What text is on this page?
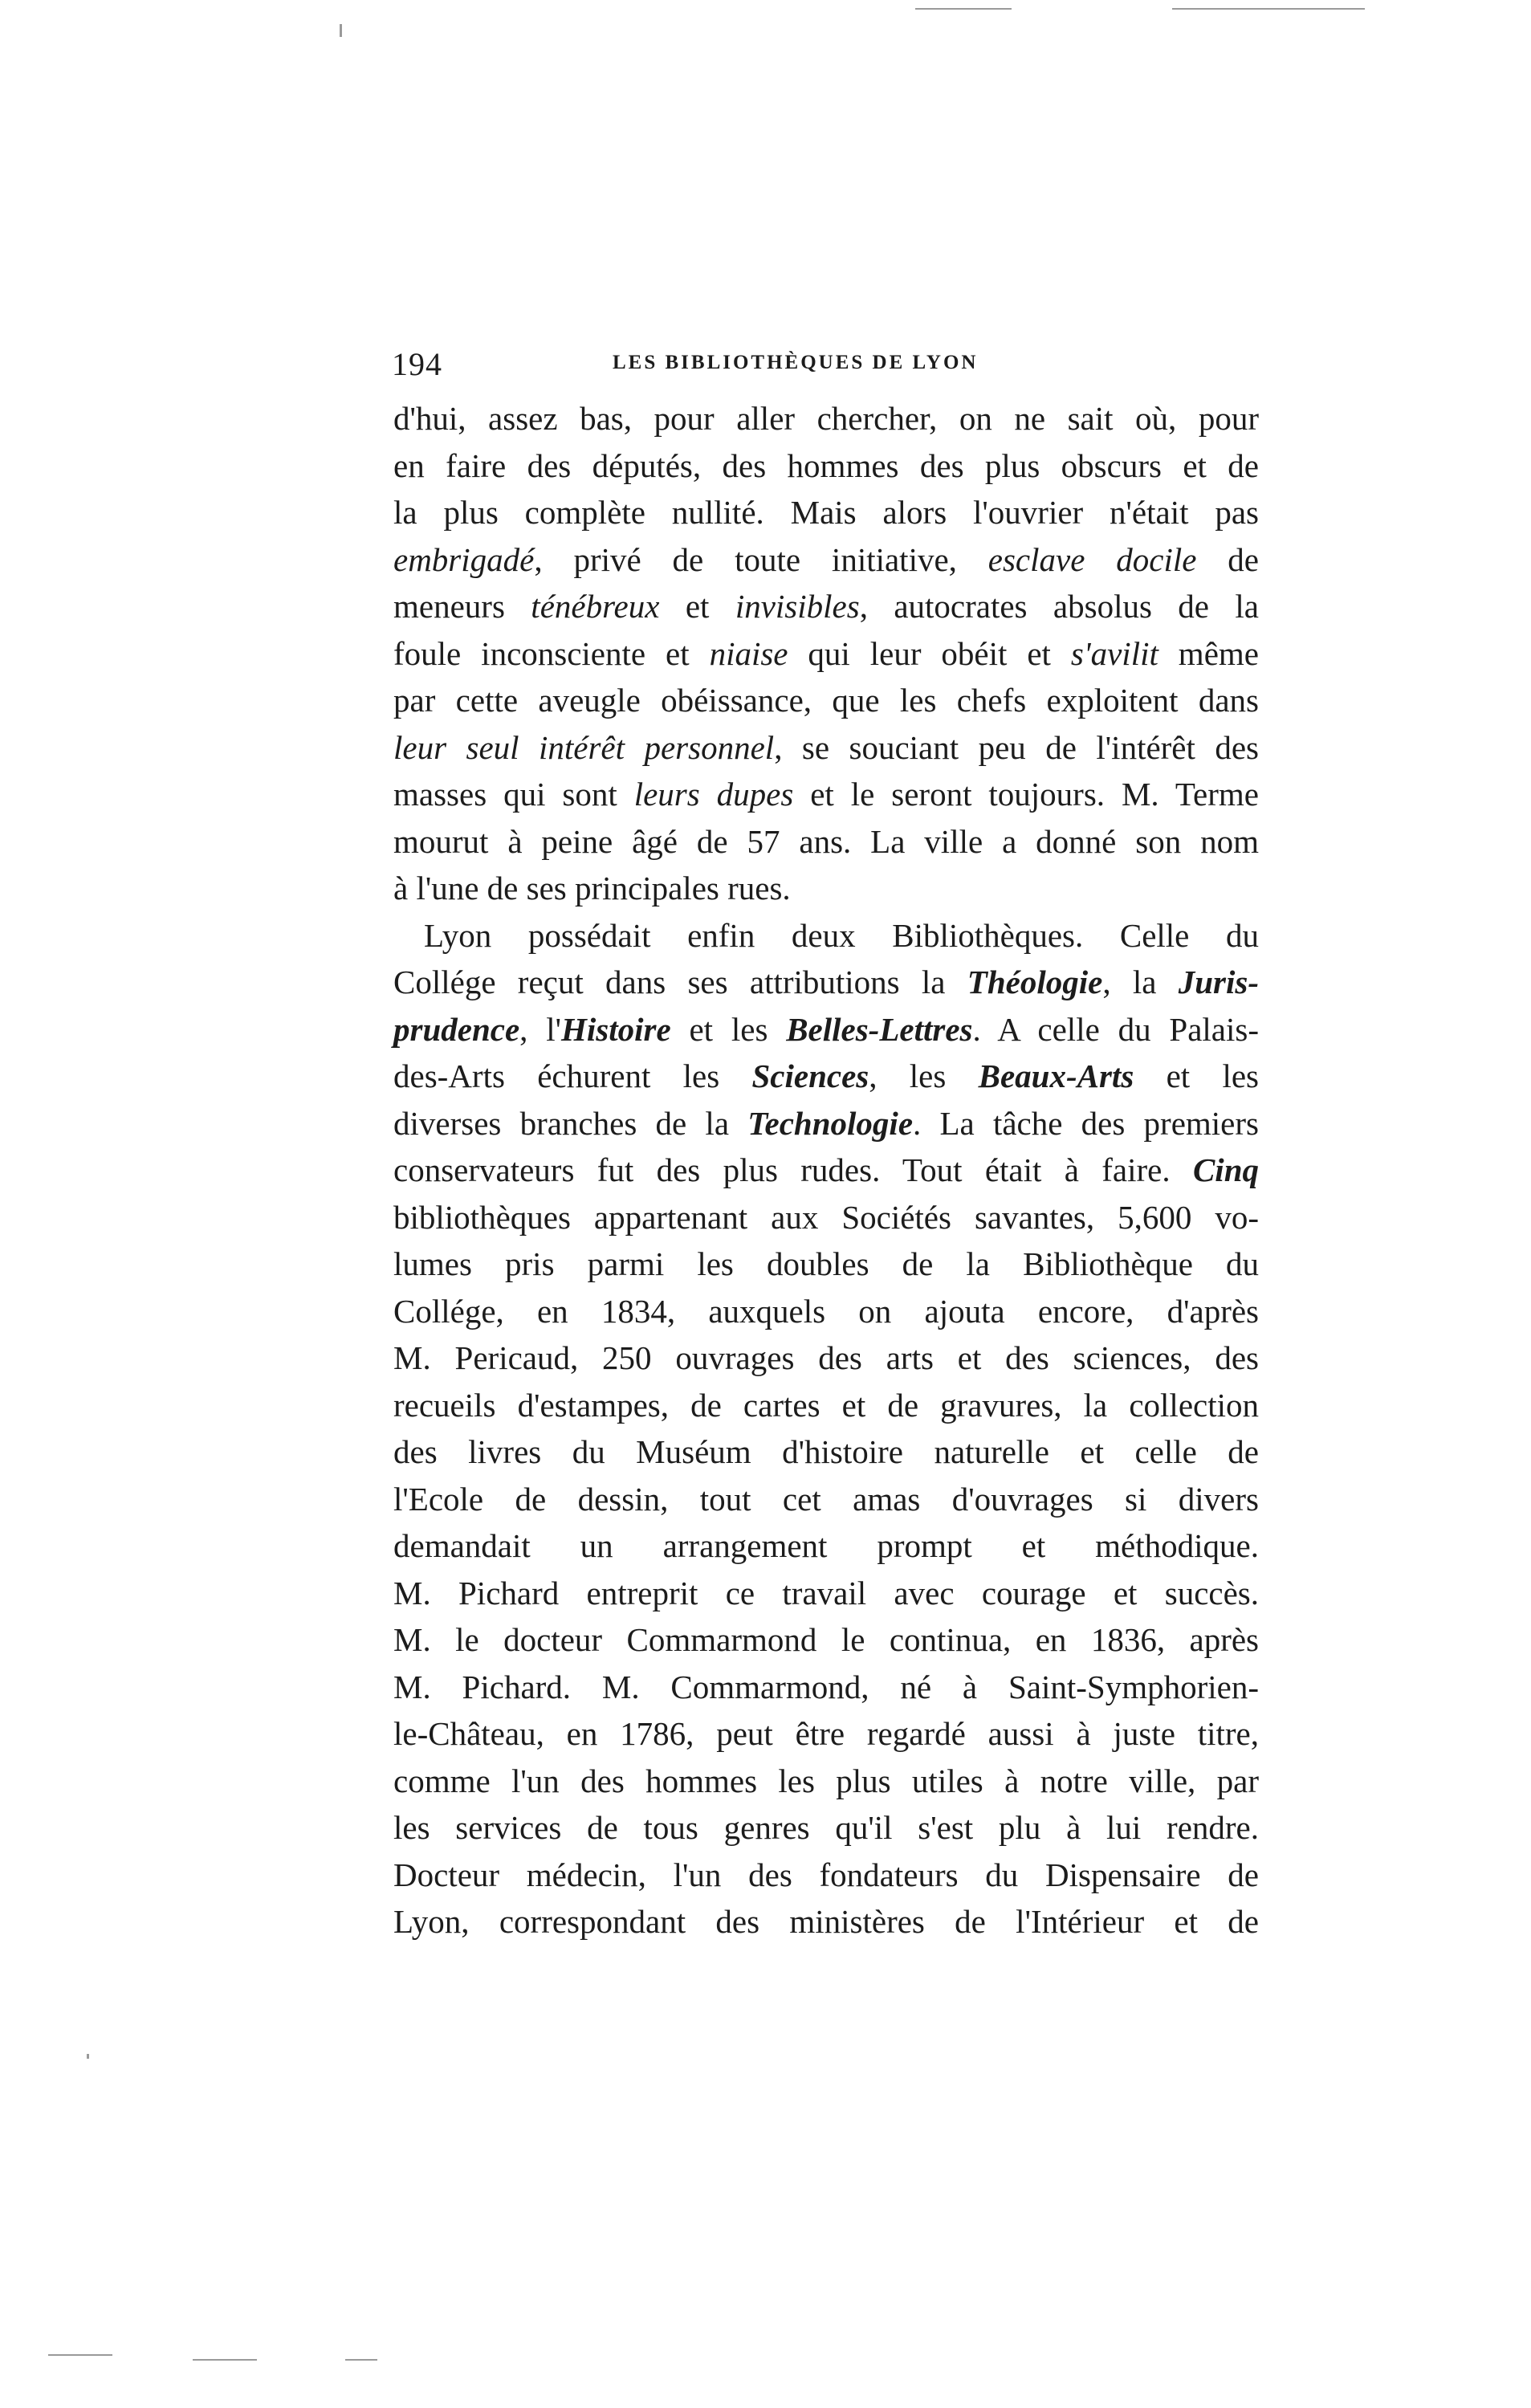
194	LES BIBLIOTHÈQUES DE LYON
d'hui, assez bas, pour aller chercher, on ne sait où, pour
en faire des députés, des hommes des plus obscurs et de
la plus complète nullité. Mais alors l'ouvrier n'était pas
embrigadé, privé de toute initiative, esclave docile de
meneurs ténébreux et invisibles, autocrates absolus de la
foule inconsciente et niaise qui leur obéit et s'avilit même
par cette aveugle obéissance, que les chefs exploitent dans
leur seul intérêt personnel, se souciant peu de l'intérêt des
masses qui sont leurs dupes et le seront toujours. M. Terme
mourut à peine âgé de 57 ans. La ville a donné son nom
à l'une de ses principales rues.
Lyon possédait enfin deux Bibliothèques. Celle du
Collége reçut dans ses attributions la Théologie, la Juris-
prudence, l'Histoire et les Belles-Lettres. A celle du Palais-
des-Arts échurent les Sciences, les Beaux-Arts et les
diverses branches de la Technologie. La tâche des premiers
conservateurs fut des plus rudes. Tout était à faire. Cinq
bibliothèques appartenant aux Sociétés savantes, 5,600 vo-
lumes pris parmi les doubles de la Bibliothèque du
Collége, en 1834, auxquels on ajouta encore, d'après
M. Pericaud, 250 ouvrages des arts et des sciences, des
recueils d'estampes, de cartes et de gravures, la collection
des livres du Muséum d'histoire naturelle et celle de
l'Ecole de dessin, tout cet amas d'ouvrages si divers
demandait un arrangement prompt et méthodique.
M. Pichard entreprit ce travail avec courage et succès.
M. le docteur Commarmond le continua, en 1836, après
M. Pichard. M. Commarmond, né à Saint-Symphorien-
le-Château, en 1786, peut être regardé aussi à juste titre,
comme l'un des hommes les plus utiles à notre ville, par
les services de tous genres qu'il s'est plu à lui rendre.
Docteur médecin, l'un des fondateurs du Dispensaire de
Lyon, correspondant des ministères de l'Intérieur et de
